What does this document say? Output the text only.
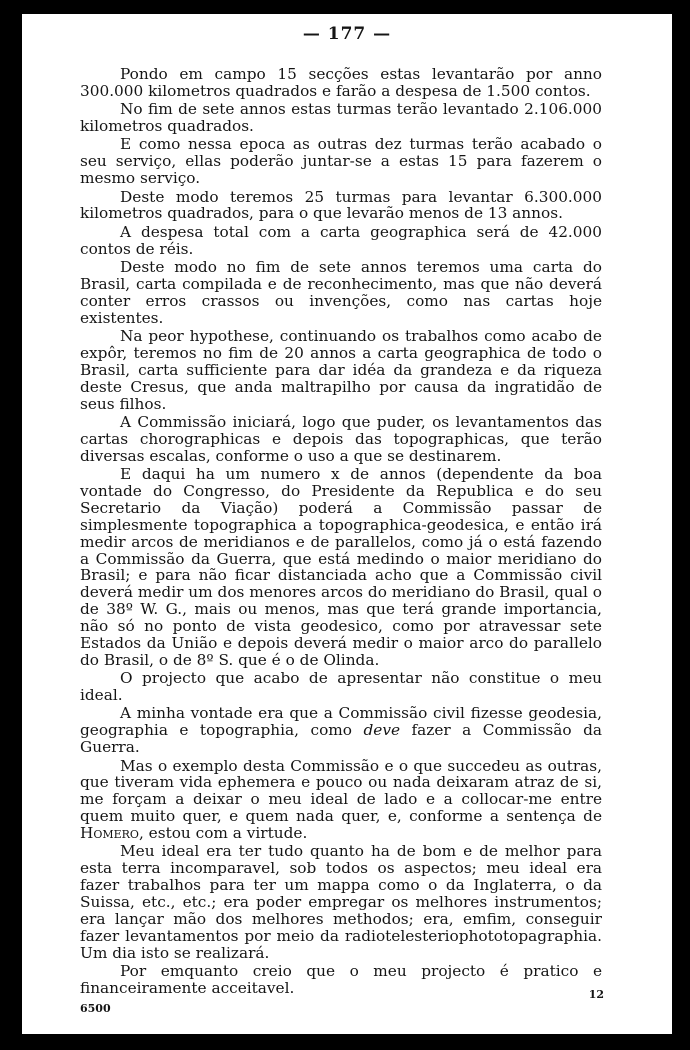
— 177 —

Pondo em campo 15 secções estas levantarão por anno 300.000 kilometros quadrados e farão a despesa de 1.500 contos.

No fim de sete annos estas turmas terão levantado 2.106.000 kilometros quadrados.

E como nessa epoca as outras dez turmas terão acabado o seu serviço, ellas poderão juntar-se a estas 15 para fazerem o mesmo serviço.

Deste modo teremos 25 turmas para levantar 6.300.000 kilometros quadrados, para o que levarão menos de 13 annos.

A despesa total com a carta geographica será de 42.000 contos de réis.

Deste modo no fim de sete annos teremos uma carta do Brasil, carta compilada e de reconhecimento, mas que não deverá conter erros crassos ou invenções, como nas cartas hoje existentes.

Na peor hypothese, continuando os trabalhos como acabo de expôr, teremos no fim de 20 annos a carta geographica de todo o Brasil, carta sufficiente para dar idéa da grandeza e da riqueza deste Cresus, que anda maltrapilho por causa da ingratidão de seus filhos.

A Commissão iniciará, logo que puder, os levantamentos das cartas chorographicas e depois das topographicas, que terão diversas escalas, conforme o uso a que se destinarem.

E daqui ha um numero x de annos (dependente da boa vontade do Congresso, do Presidente da Republica e do seu Secretario da Viação) poderá a Commissão passar de simplesmente topographica a topographica-geodesica, e então irá medir arcos de meridianos e de parallelos, como já o está fazendo a Commissão da Guerra, que está medindo o maior meridiano do Brasil; e para não ficar distanciada acho que a Commissão civil deverá medir um dos menores arcos do meridiano do Brasil, qual o de 38º W. G., mais ou menos, mas que terá grande importancia, não só no ponto de vista geodesico, como por atravessar sete Estados da União e depois deverá medir o maior arco do parallelo do Brasil, o de 8º S. que é o de Olinda.

O projecto que acabo de apresentar não constitue o meu ideal.

A minha vontade era que a Commissão civil fizesse geodesia, geographia e topographia, como deve fazer a Commissão da Guerra.

Mas o exemplo desta Commissão e o que succedeu as outras, que tiveram vida ephemera e pouco ou nada deixaram atraz de si, me forçam a deixar o meu ideal de lado e a collocar-me entre quem muito quer, e quem nada quer, e, conforme a sentença de Homero, estou com a virtude.

Meu ideal era ter tudo quanto ha de bom e de melhor para esta terra incomparavel, sob todos os aspectos; meu ideal era fazer trabalhos para ter um mappa como o da Inglaterra, o da Suissa, etc., etc.; era poder empregar os melhores instrumentos; era lançar mão dos melhores methodos; era, emfim, conseguir fazer levantamentos por meio da radiotelesteriophototopagraphia. Um dia isto se realizará.

Por emquanto creio que o meu projecto é pratico e financeiramente acceitavel.

6500
12
